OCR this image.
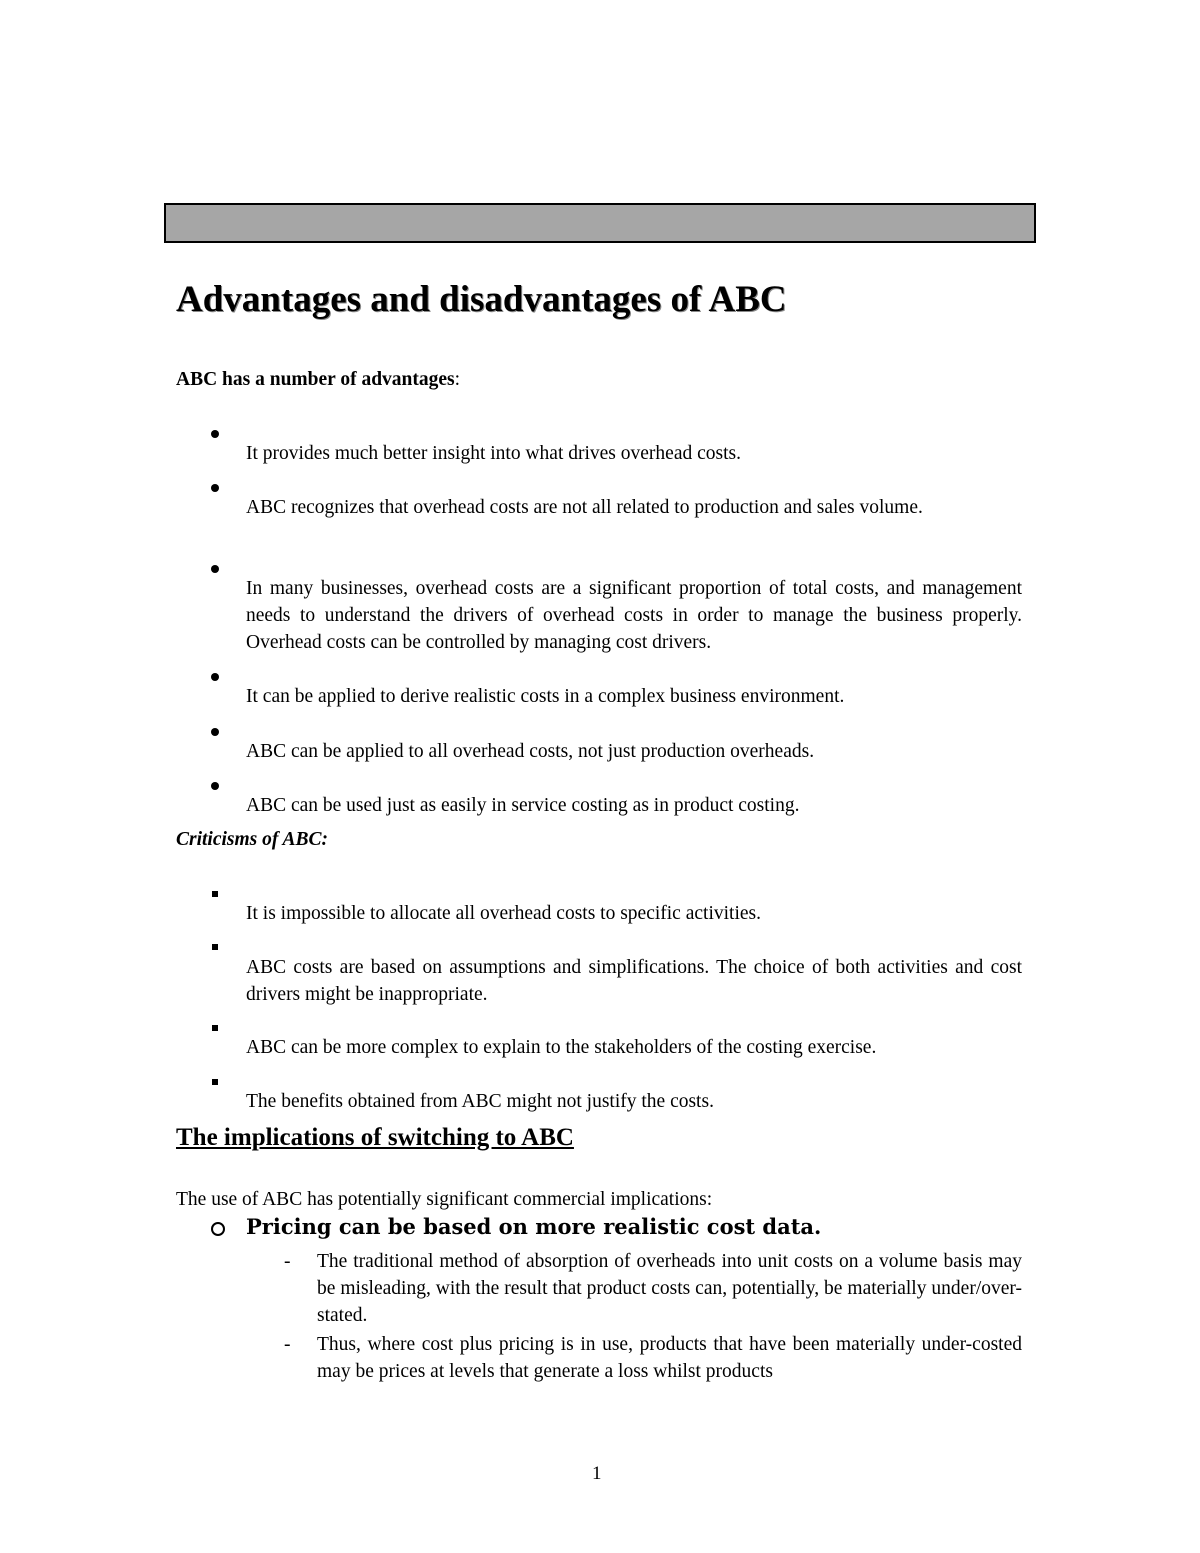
Advantages and disadvantages of ABC

ABC has a number of advantages:

It provides much better insight into what drives overhead costs.

ABC recognizes that overhead costs are not all related to production and sales volume.

In many businesses, overhead costs are a significant proportion of total costs, and management needs to understand the drivers of overhead costs in order to manage the business properly. Overhead costs can be controlled by managing cost drivers.

It can be applied to derive realistic costs in a complex business environment.

ABC can be applied to all overhead costs, not just production overheads.

ABC can be used just as easily in service costing as in product costing.

Criticisms of ABC:

It is impossible to allocate all overhead costs to specific activities.

ABC costs are based on assumptions and simplifications. The choice of both activities and cost drivers might be inappropriate.

ABC can be more complex to explain to the stakeholders of the costing exercise.

The benefits obtained from ABC might not justify the costs.

The implications of switching to ABC

The use of ABC has potentially significant commercial implications:

Pricing can be based on more realistic cost data.

- The traditional method of absorption of overheads into unit costs on a volume basis may be misleading, with the result that product costs can, potentially, be materially under/over-stated.

- Thus, where cost plus pricing is in use, products that have been materially under-costed may be prices at levels that generate a loss whilst products

1
